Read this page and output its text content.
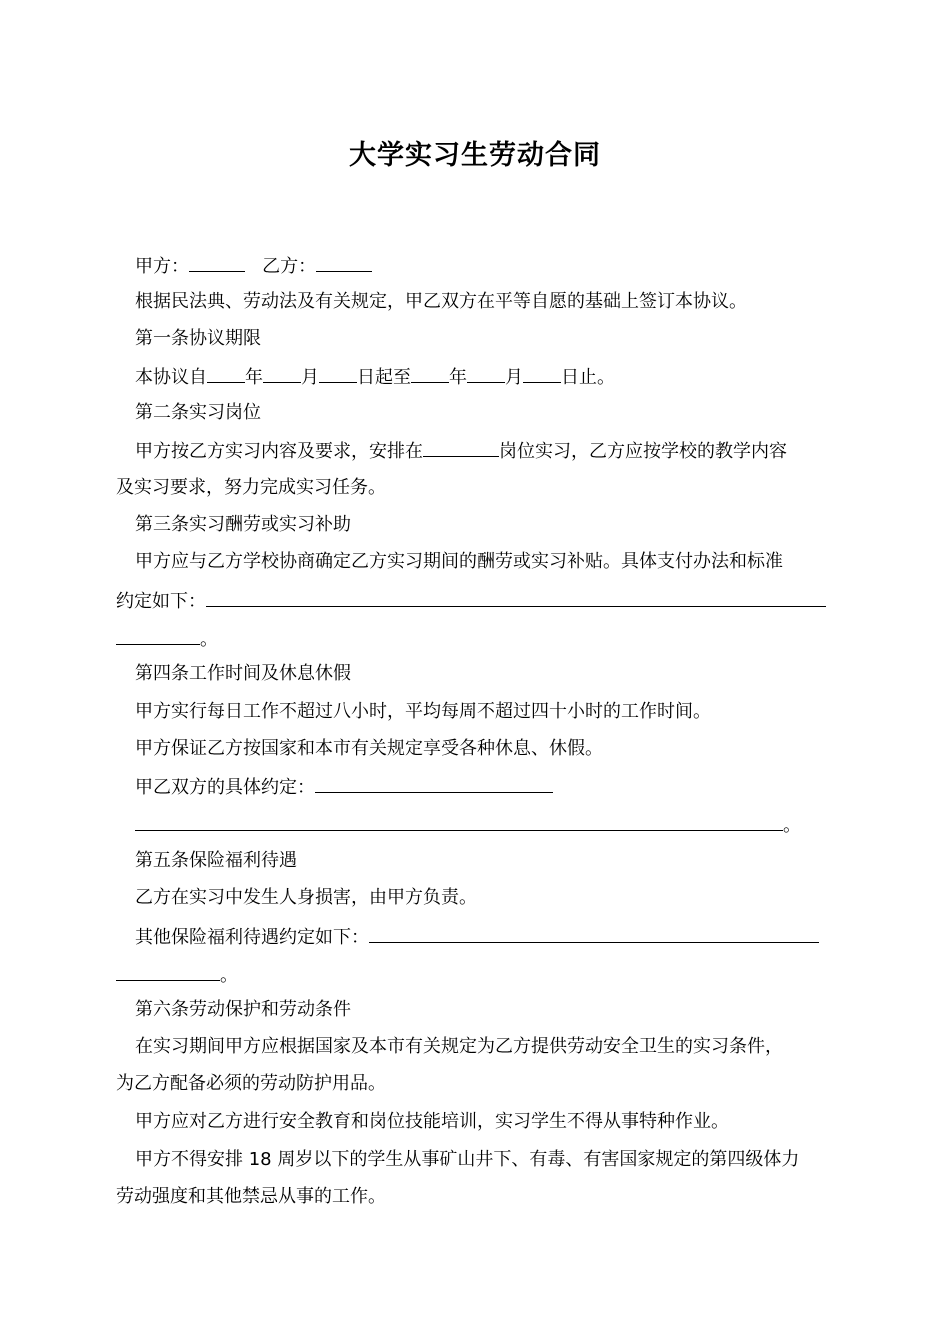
大学实习生劳动合同

甲方：	乙方：

根据民法典、劳动法及有关规定，甲乙双方在平等自愿的基础上签订本协议。

第一条协议期限

本协议自 年 月 日起至 年 月 日止。

第二条实习岗位

甲方按乙方实习内容及要求，安排在	岗位实习，乙方应按学校的教学内容

及实习要求，努力完成实习任务。

第三条实习酬劳或实习补助

甲方应与乙方学校协商确定乙方实习期间的酬劳或实习补贴。具体支付办法和标准

约定如下：

。

第四条工作时间及休息休假

甲方实行每日工作不超过八小时，平均每周不超过四十小时的工作时间。

甲方保证乙方按国家和本市有关规定享受各种休息、休假。

甲乙双方的具体约定：

。

第五条保险福利待遇

乙方在实习中发生人身损害，由甲方负责。

其他保险福利待遇约定如下：

。

第六条劳动保护和劳动条件

在实习期间甲方应根据国家及本市有关规定为乙方提供劳动安全卫生的实习条件，

为乙方配备必须的劳动防护用品。

甲方应对乙方进行安全教育和岗位技能培训，实习学生不得从事特种作业。

甲方不得安排 18 周岁以下的学生从事矿山井下、有毒、有害国家规定的第四级体力

劳动强度和其他禁忌从事的工作。
